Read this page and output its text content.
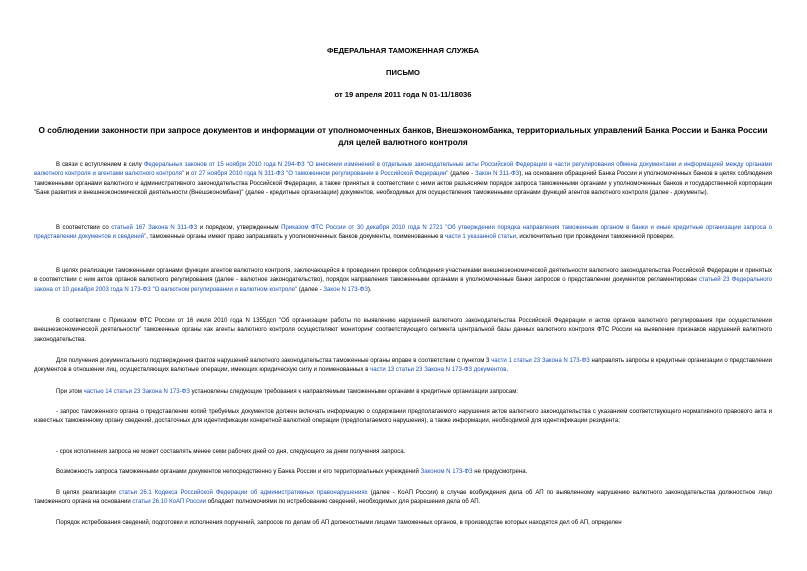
ФЕДЕРАЛЬНАЯ ТАМОЖЕННАЯ СЛУЖБА
ПИСЬМО
от 19 апреля 2011 года N 01-11/18036
О соблюдении законности при запросе документов и информации от уполномоченных банков, Внешэкономбанка, территориальных управлений Банка России и Банка России для целей валютного контроля

В связи с вступлением в силу Федеральных законов от 15 ноября 2010 года N 294-ФЗ "О внесении изменений в отдельные законодательные акты Российской Федерации в части регулирования обмена документами и информацией между органами валютного контроля и агентами валютного контроля" и от 27 ноября 2010 года N 311-ФЗ "О таможенном регулировании в Российской Федерации" (далее - Закон N 311-ФЗ), на основании обращений Банка России и уполномоченных банков в целях соблюдения таможенными органами валютного и административного законодательства Российской Федерации, а также принятых в соответствии с ними актов разъясняем порядок запроса таможенными органами у уполномоченных банков и государственной корпорации "Банк развития и внешнеэкономической деятельности (Внешэкономбанк)" (далее - кредитные организации) документов, необходимых для осуществления таможенными органами функций агентов валютного контроля (далее - документы).

В соответствии со статьей 167 Закона N 311-ФЗ и порядком, утвержденным Приказом ФТС России от 30 декабря 2010 года N 2721 "Об утверждении порядка направления таможенным органом в банки и иные кредитные организации запроса о представлении документов и сведений", таможенные органы имеют право запрашивать у уполномоченных банков документы, поименованные в части 1 указанной статьи, исключительно при проведении таможенной проверки.

В целях реализации таможенными органами функции агентов валютного контроля, заключающейся в проведении проверок соблюдения участниками внешнеэкономической деятельности валютного законодательства Российской Федерации и принятых в соответствии с ним актов органов валютного регулирования (далее - валютное законодательство), порядок направления таможенными органами в уполномоченные банки запросов о представлении документов регламентирован статьей 23 Федерального закона от 10 декабря 2003 года N 173-ФЗ "О валютном регулировании и валютном контроле" (далее - Закон N 173-ФЗ).

В соответствии с Приказом ФТС России от 16 июля 2010 года N 1355дсп "Об организации работы по выявлению нарушений валютного законодательства Российской Федерации и актов органов валютного регулирования при осуществлении внешнеэкономической деятельности" таможенные органы как агенты валютного контроля осуществляют мониторинг соответствующего сегмента центральной базы данных валютного контроля ФТС России на выявление признаков нарушений валютного законодательства.

Для получения документального подтверждения фактов нарушений валютного законодательства таможенные органы вправе в соответствии с пунктом 3 части 1 статьи 23 Закона N 173-ФЗ направлять запросы в кредитные организации о представлении документов в отношении лиц, осуществляющих валютные операции, имеющих юридическую силу и поименованных в части 13 статьи 23 Закона N 173-ФЗ документов.

При этом частью 14 статьи 23 Закона N 173-ФЗ установлены следующие требования к направляемым таможенными органами в кредитные организации запросам:

- запрос таможенного органа о представлении копий требуемых документов должен включать информацию о содержании предполагаемого нарушения актов валютного законодательства с указанием соответствующего нормативного правового акта и известных таможенному органу сведений, достаточных для идентификации конкретной валютной операции (предполагаемого нарушения), а также информации, необходимой для идентификации резидента;

- срок исполнения запроса не может составлять менее семи рабочих дней со дня, следующего за днем получения запроса.

Возможность запроса таможенными органами документов непосредственно у Банка России и его территориальных учреждений Законом N 173-ФЗ не предусмотрена.

В целях реализации статьи 26.1 Кодекса Российской Федерации об административных правонарушениях (далее - КоАП России) в случае возбуждения дела об АП по выявленному нарушению валютного законодательства должностное лицо таможенного органа на основании статьи 26.10 КоАП России обладает полномочиями по истребованию сведений, необходимых для разрешения дела об АП.

Порядок истребования сведений, подготовки и исполнения поручений, запросов по делам об АП должностными лицами таможенных органов, в производстве которых находятся дел об АП, определен
